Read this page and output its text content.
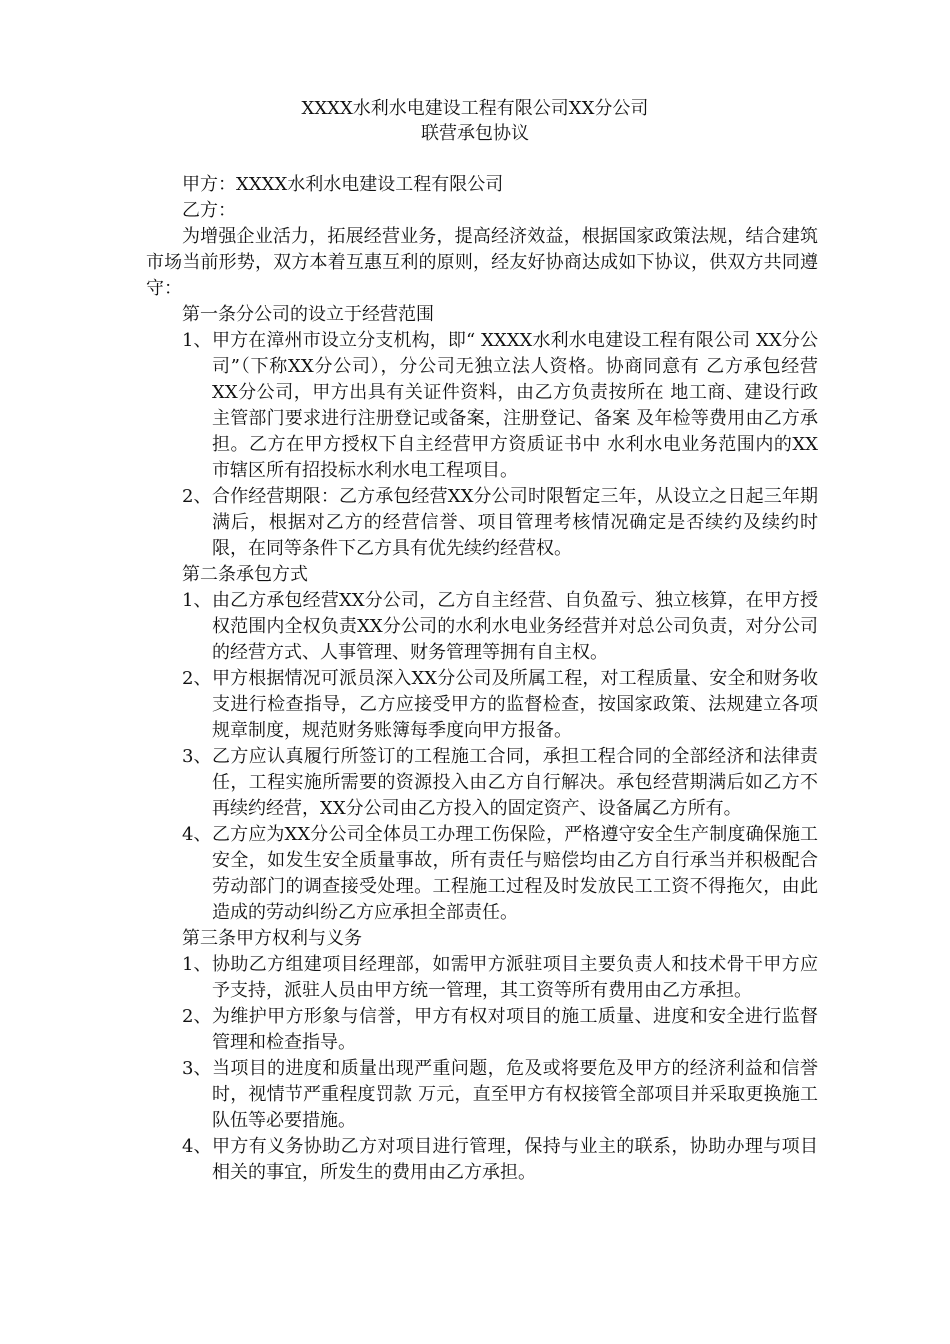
XXXX水利水电建设工程有限公司XX分公司
联营承包协议

甲方：XXXX水利水电建设工程有限公司

乙方：

为增强企业活力，拓展经营业务，提高经济效益，根据国家政策法规，结合建筑市场当前形势，双方本着互惠互利的原则，经友好协商达成如下协议，供双方共同遵守：

第一条分公司的设立于经营范围

1、 甲方在漳州市设立分支机构，即“ XXXX水利水电建设工程有限公司 XX分公司”（下称XX分公司），分公司无独立法人资格。协商同意有 乙方承包经营XX分公司，甲方出具有关证件资料，由乙方负责按所在 地工商、建设行政主管部门要求进行注册登记或备案，注册登记、备案 及年检等费用由乙方承担。乙方在甲方授权下自主经营甲方资质证书中 水利水电业务范围内的XX市辖区所有招投标水利水电工程项目。
2、 合作经营期限：乙方承包经营XX分公司时限暂定三年，从设立之日起三年期满后，根据对乙方的经营信誉、项目管理考核情况确定是否续约及续约时限，在同等条件下乙方具有优先续约经营权。

第二条承包方式

1、 由乙方承包经营XX分公司，乙方自主经营、自负盈亏、独立核算，在甲方授权范围内全权负责XX分公司的水利水电业务经营并对总公司负责，对分公司的经营方式、人事管理、财务管理等拥有自主权。
2、 甲方根据情况可派员深入XX分公司及所属工程，对工程质量、安全和财务收支进行检查指导，乙方应接受甲方的监督检查，按国家政策、法规建立各项规章制度，规范财务账簿每季度向甲方报备。
3、 乙方应认真履行所签订的工程施工合同，承担工程合同的全部经济和法律责任，工程实施所需要的资源投入由乙方自行解决。承包经营期满后如乙方不再续约经营，XX分公司由乙方投入的固定资产、设备属乙方所有。
4、 乙方应为XX分公司全体员工办理工伤保险，严格遵守安全生产制度确保施工安全，如发生安全质量事故，所有责任与赔偿均由乙方自行承当并积极配合劳动部门的调查接受处理。工程施工过程及时发放民工工资不得拖欠，由此造成的劳动纠纷乙方应承担全部责任。

第三条甲方权利与义务

1、 协助乙方组建项目经理部，如需甲方派驻项目主要负责人和技术骨干甲方应予支持，派驻人员由甲方统一管理，其工资等所有费用由乙方承担。
2、 为维护甲方形象与信誉，甲方有权对项目的施工质量、进度和安全进行监督管理和检查指导。
3、 当项目的进度和质量出现严重问题，危及或将要危及甲方的经济利益和信誉时，视情节严重程度罚款 万元，直至甲方有权接管全部项目并采取更换施工队伍等必要措施。
4、 甲方有义务协助乙方对项目进行管理，保持与业主的联系，协助办理与项目相关的事宜，所发生的费用由乙方承担。
